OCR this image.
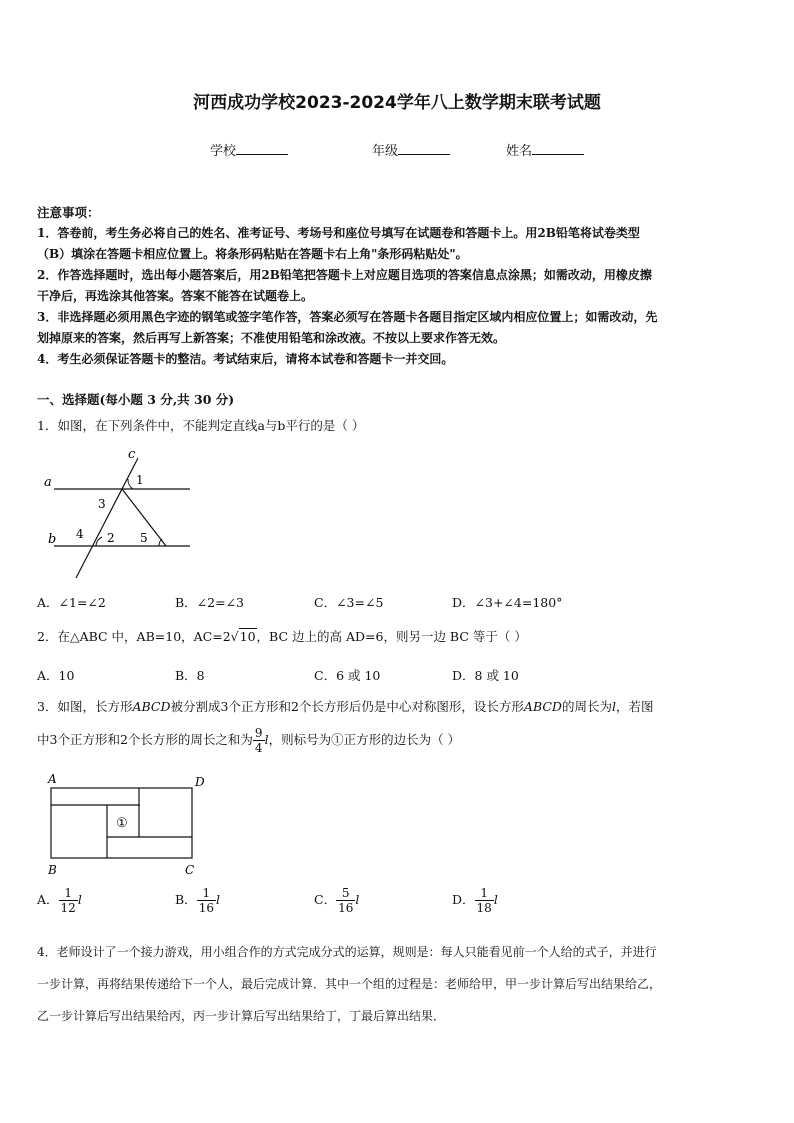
河西成功学校2023-2024学年八上数学期末联考试题
学校	年级	姓名
注意事项：
1．答卷前，考生务必将自己的姓名、准考证号、考场号和座位号填写在试题卷和答题卡上。用2B铅笔将试卷类型
（B）填涂在答题卡相应位置上。将条形码粘贴在答题卡右上角"条形码粘贴处"。
2．作答选择题时，选出每小题答案后，用2B铅笔把答题卡上对应题目选项的答案信息点涂黑；如需改动，用橡皮擦
干净后，再选涂其他答案。答案不能答在试题卷上。
3．非选择题必须用黑色字迹的钢笔或签字笔作答，答案必须写在答题卡各题目指定区域内相应位置上；如需改动，先
划掉原来的答案，然后再写上新答案；不准使用铅笔和涂改液。不按以上要求作答无效。
4．考生必须保证答题卡的整洁。考试结束后，请将本试卷和答题卡一并交回。
一、选择题(每小题 3 分,共 30 分)
1．如图，在下列条件中，不能判定直线a与b平行的是（ ）
a
b
c
1
2
3
4	5
A．∠1=∠2	B．∠2=∠3	C．∠3=∠5	D．∠3+∠4=180°
2．在△ABC 中，AB=10，AC=2√10，BC 边上的高 AD=6，则另一边 BC 等于（ ）
A．10	B．8	C．6 或 10	D．8 或 10
3．如图，长方形ABCD被分割成3个正方形和2个长方形后仍是中心对称图形，设长方形ABCD的周长为l，若图
中3个正方形和2个长方形的周长之和为 $\frac{9}{4}$ l，则标号为①正方形的边长为（ ）
A	D
B	C
①
A． $\frac{1}{12}$ l	B． $\frac{1}{16}$ l	C． $\frac{5}{16}$ l	D． $\frac{1}{18}$ l
4．老师设计了一个接力游戏，用小组合作的方式完成分式的运算，规则是：每人只能看见前一个人给的式子，并进行
一步计算，再将结果传递给下一个人，最后完成计算．其中一个组的过程是：老师给甲，甲一步计算后写出结果给乙，
乙一步计算后写出结果给丙，丙一步计算后写出结果给丁，丁最后算出结果．
